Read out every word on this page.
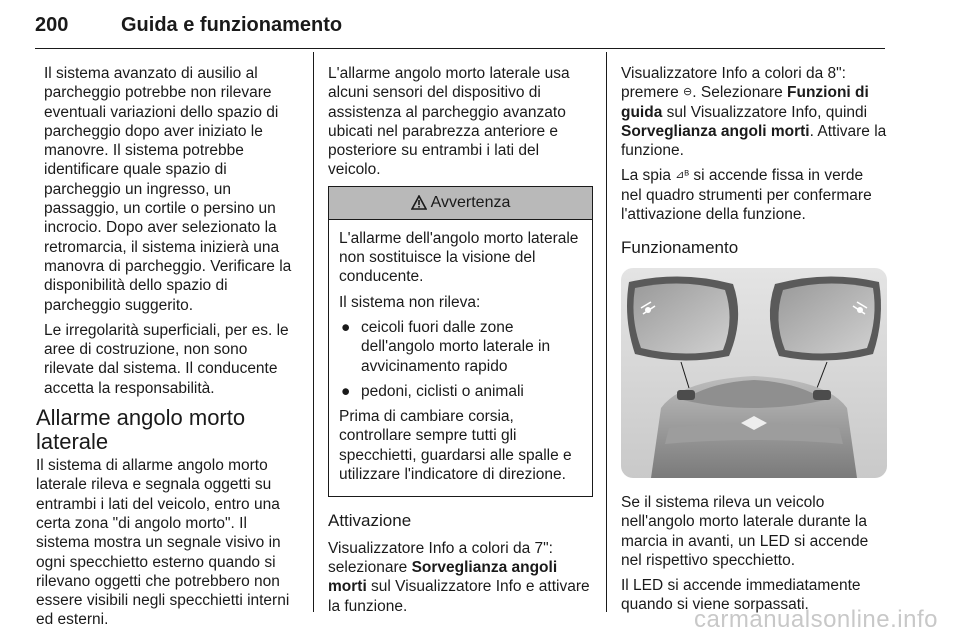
200	Guida e funzionamento

Il sistema avanzato di ausilio al parcheggio potrebbe non rilevare eventuali variazioni dello spazio di parcheggio dopo aver iniziato le manovre. Il sistema potrebbe identificare quale spazio di parcheggio un ingresso, un passaggio, un cortile o persino un incrocio. Dopo aver selezionato la retromarcia, il sistema inizierà una manovra di parcheggio. Verificare la disponibilità dello spazio di parcheggio suggerito.

Le irregolarità superficiali, per es. le aree di costruzione, non sono rilevate dal sistema. Il conducente accetta la responsabilità.

Allarme angolo morto laterale

Il sistema di allarme angolo morto laterale rileva e segnala oggetti su entrambi i lati del veicolo, entro una certa zona "di angolo morto". Il sistema mostra un segnale visivo in ogni specchietto esterno quando si rilevano oggetti che potrebbero non essere visibili negli specchietti interni ed esterni.

L'allarme angolo morto laterale usa alcuni sensori del dispositivo di assistenza al parcheggio avanzato ubicati nel parabrezza anteriore e posteriore su entrambi i lati del veicolo.

Avvertenza

L'allarme dell'angolo morto laterale non sostituisce la visione del conducente.

Il sistema non rileva:

● ceicoli fuori dalle zone dell'angolo morto laterale in avvicinamento rapido
● pedoni, ciclisti o animali

Prima di cambiare corsia, controllare sempre tutti gli specchietti, guardarsi alle spalle e utilizzare l'indicatore di direzione.

Attivazione

Visualizzatore Info a colori da 7": selezionare Sorveglianza angoli morti sul Visualizzatore Info e attivare la funzione.

Visualizzatore Info a colori da 8": premere ⊖. Selezionare Funzioni di guida sul Visualizzatore Info, quindi Sorveglianza angoli morti. Attivare la funzione.

La spia ⊿ᴮ si accende fissa in verde nel quadro strumenti per confermare l'attivazione della funzione.

Funzionamento

Se il sistema rileva un veicolo nell'angolo morto laterale durante la marcia in avanti, un LED si accende nel rispettivo specchietto.

Il LED si accende immediatamente quando si viene sorpassati.

carmanualsonline.info
